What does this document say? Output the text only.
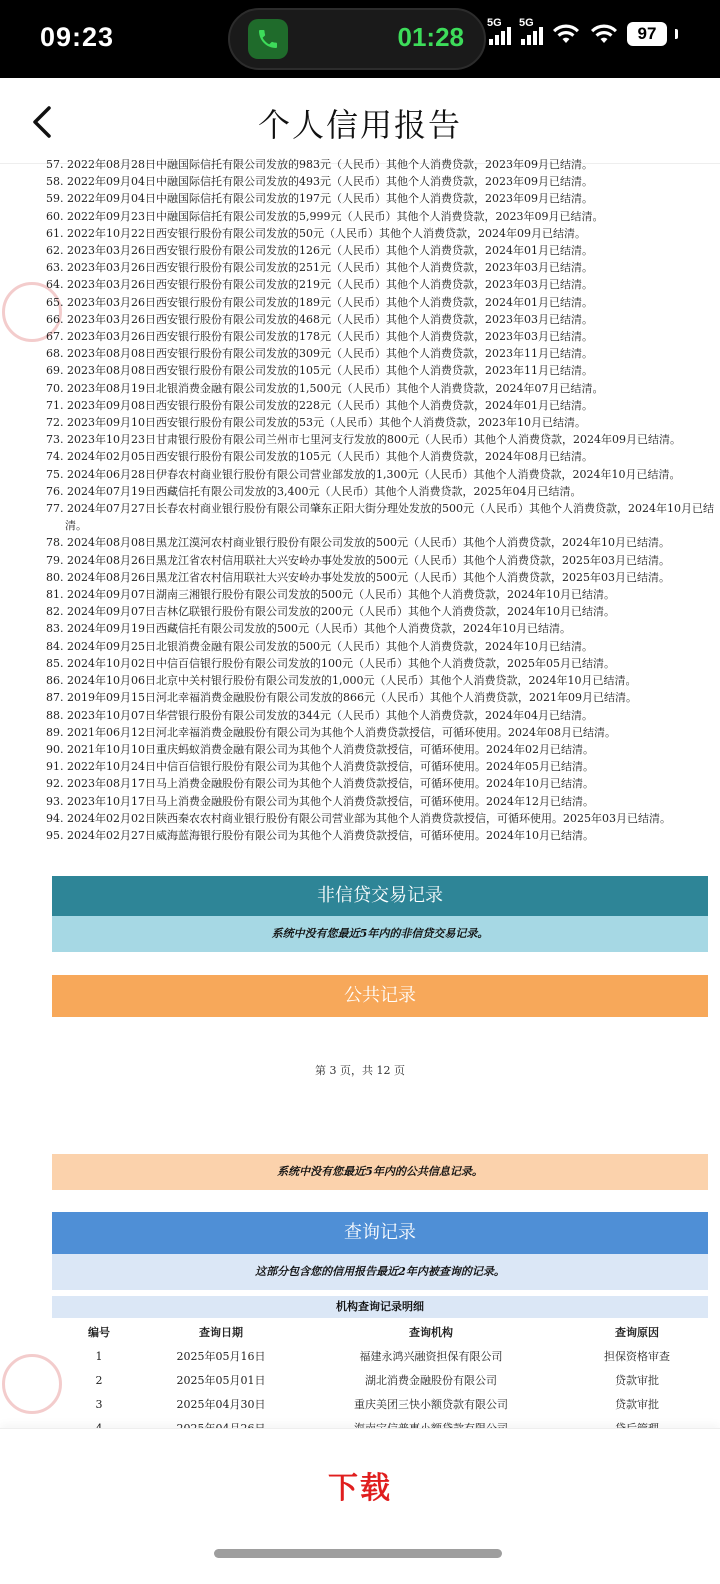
09:23	01:28 5G 5G
97
个人信用报告
57. 2022年08月28日中融国际信托有限公司发放的983元（人民币）其他个人消费贷款，2023年09月已结清。
58. 2022年09月04日中融国际信托有限公司发放的493元（人民币）其他个人消费贷款，2023年09月已结清。
59. 2022年09月04日中融国际信托有限公司发放的197元（人民币）其他个人消费贷款，2023年09月已结清。
60. 2022年09月23日中融国际信托有限公司发放的5,999元（人民币）其他个人消费贷款，2023年09月已结清。
61. 2022年10月22日西安银行股份有限公司发放的50元（人民币）其他个人消费贷款，2024年09月已结清。
62. 2023年03月26日西安银行股份有限公司发放的126元（人民币）其他个人消费贷款，2024年01月已结清。
63. 2023年03月26日西安银行股份有限公司发放的251元（人民币）其他个人消费贷款，2023年03月已结清。
64. 2023年03月26日西安银行股份有限公司发放的219元（人民币）其他个人消费贷款，2023年03月已结清。
65. 2023年03月26日西安银行股份有限公司发放的189元（人民币）其他个人消费贷款，2024年01月已结清。
66. 2023年03月26日西安银行股份有限公司发放的468元（人民币）其他个人消费贷款，2023年03月已结清。
67. 2023年03月26日西安银行股份有限公司发放的178元（人民币）其他个人消费贷款，2023年03月已结清。
68. 2023年08月08日西安银行股份有限公司发放的309元（人民币）其他个人消费贷款，2023年11月已结清。
69. 2023年08月08日西安银行股份有限公司发放的105元（人民币）其他个人消费贷款，2023年11月已结清。
70. 2023年08月19日北银消费金融有限公司发放的1,500元（人民币）其他个人消费贷款，2024年07月已结清。
71. 2023年09月08日西安银行股份有限公司发放的228元（人民币）其他个人消费贷款，2024年01月已结清。
72. 2023年09月10日西安银行股份有限公司发放的53元（人民币）其他个人消费贷款，2023年10月已结清。
73. 2023年10月23日甘肃银行股份有限公司兰州市七里河支行发放的800元（人民币）其他个人消费贷款，2024年09月已结清。
74. 2024年02月05日西安银行股份有限公司发放的105元（人民币）其他个人消费贷款，2024年08月已结清。
75. 2024年06月28日伊春农村商业银行股份有限公司营业部发放的1,300元（人民币）其他个人消费贷款，2024年10月已结清。
76. 2024年07月19日西藏信托有限公司发放的3,400元（人民币）其他个人消费贷款，2025年04月已结清。
77. 2024年07月27日长春农村商业银行股份有限公司肇东正阳大街分理处发放的500元（人民币）其他个人消费贷款，2024年10月已结清。
78. 2024年08月08日黑龙江漠河农村商业银行股份有限公司发放的500元（人民币）其他个人消费贷款，2024年10月已结清。
79. 2024年08月26日黑龙江省农村信用联社大兴安岭办事处发放的500元（人民币）其他个人消费贷款，2025年03月已结清。
80. 2024年08月26日黑龙江省农村信用联社大兴安岭办事处发放的500元（人民币）其他个人消费贷款，2025年03月已结清。
81. 2024年09月07日湖南三湘银行股份有限公司发放的500元（人民币）其他个人消费贷款，2024年10月已结清。
82. 2024年09月07日吉林亿联银行股份有限公司发放的200元（人民币）其他个人消费贷款，2024年10月已结清。
83. 2024年09月19日西藏信托有限公司发放的500元（人民币）其他个人消费贷款，2024年10月已结清。
84. 2024年09月25日北银消费金融有限公司发放的500元（人民币）其他个人消费贷款，2024年10月已结清。
85. 2024年10月02日中信百信银行股份有限公司发放的100元（人民币）其他个人消费贷款，2025年05月已结清。
86. 2024年10月06日北京中关村银行股份有限公司发放的1,000元（人民币）其他个人消费贷款，2024年10月已结清。
87. 2019年09月15日河北幸福消费金融股份有限公司发放的866元（人民币）其他个人消费贷款，2021年09月已结清。
88. 2023年10月07日华营银行股份有限公司发放的344元（人民币）其他个人消费贷款，2024年04月已结清。
89. 2021年06月12日河北幸福消费金融股份有限公司为其他个人消费贷款授信，可循环使用。2024年08月已结清。
90. 2021年10月10日重庆蚂蚁消费金融有限公司为其他个人消费贷款授信，可循环使用。2024年02月已结清。
91. 2022年10月24日中信百信银行股份有限公司为其他个人消费贷款授信，可循环使用。2024年05月已结清。
92. 2023年08月17日马上消费金融股份有限公司为其他个人消费贷款授信，可循环使用。2024年10月已结清。
93. 2023年10月17日马上消费金融股份有限公司为其他个人消费贷款授信，可循环使用。2024年12月已结清。
94. 2024年02月02日陕西秦农农村商业银行股份有限公司营业部为其他个人消费贷款授信，可循环使用。2025年03月已结清。
95. 2024年02月27日威海蓝海银行股份有限公司为其他个人消费贷款授信，可循环使用。2024年10月已结清。
非信贷交易记录
系统中没有您最近5年内的非信贷交易记录。
公共记录
第 3 页，共 12 页
系统中没有您最近5年内的公共信息记录。
查询记录
这部分包含您的信用报告最近2年内被查询的记录。
机构查询记录明细
编号	查询日期	查询机构	查询原因
1	2025年05月16日	福建永鸿兴融资担保有限公司	担保资格审查
2	2025年05月01日	湖北消费金融股份有限公司	贷款审批
3	2025年04月30日	重庆美团三快小额贷款有限公司	贷款审批
下载
